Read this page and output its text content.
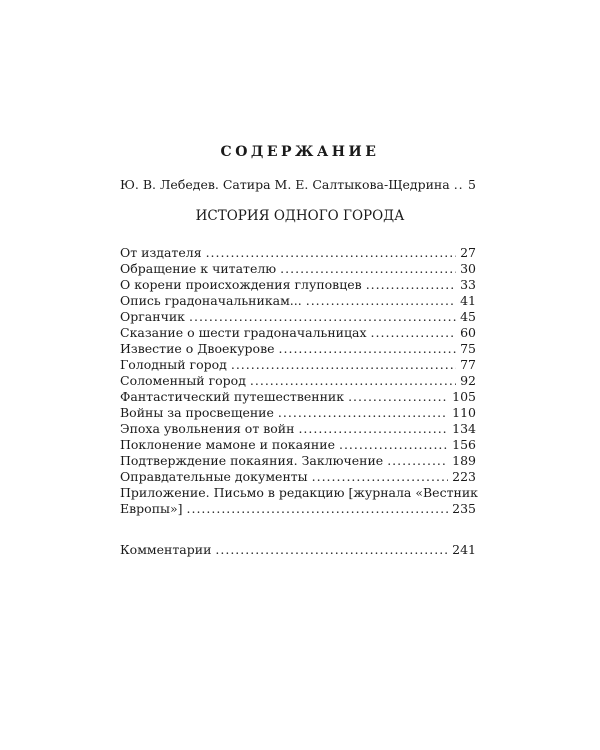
СОДЕРЖАНИЕ
Ю. В. Лебедев. Сатира М. Е. Салтыкова-Щедрина ..... 5
ИСТОРИЯ ОДНОГО ГОРОДА
От издателя .....	27
Обращение к читателю .....	30
О корени происхождения глуповцев .....	33
Опись градоначальникам... .....	41
Органчик .....	45
Сказание о шести градоначальницах .....	60
Известие о Двоекурове .....	75
Голодный город .....	77
Соломенный город .....	92
Фантастический путешественник .....	105
Войны за просвещение .....	110
Эпоха увольнения от войн .....	134
Поклонение мамоне и покаяние .....	156
Подтверждение покаяния. Заключение .....	189
Оправдательные документы .....	223
Приложение. Письмо в редакцию [журнала «Вестник
Европы»] .....	235
Комментарии .....	241
